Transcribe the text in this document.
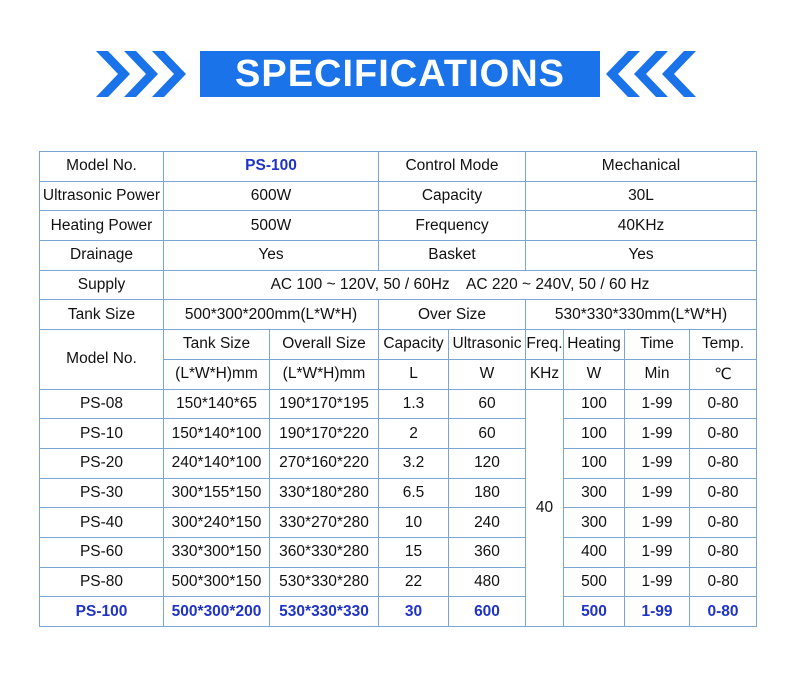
SPECIFICATIONS
Model No.	PS-100		Control Mode		Mechanical			
Ultrasonic Power	600W		Capacity		30L			
Heating Power	500W		Frequency		40KHz			
Drainage	Yes		Basket		Yes			
Supply	AC 100 ~ 120V, 50 / 60Hz    AC 220 ~ 240V, 50 / 60 Hz							
Tank Size	500*300*200mm(L*W*H)		Over Size		530*330*330mm(L*W*H)			
Model No.	Tank Size	Overall Size	Capacity	Ultrasonic	Freq.	Heating	Time	Temp.
	(L*W*H)mm	(L*W*H)mm	L	W	KHz	W	Min	℃
PS-08	150*140*65	190*170*195	1.3	60	40	100	1-99	0-80
PS-10	150*140*100	190*170*220	2	60		100	1-99	0-80
PS-20	240*140*100	270*160*220	3.2	120		100	1-99	0-80
PS-30	300*155*150	330*180*280	6.5	180		300	1-99	0-80
PS-40	300*240*150	330*270*280	10	240		300	1-99	0-80
PS-60	330*300*150	360*330*280	15	360		400	1-99	0-80
PS-80	500*300*150	530*330*280	22	480		500	1-99	0-80
PS-100	500*300*200	530*330*330	30	600		500	1-99	0-80
